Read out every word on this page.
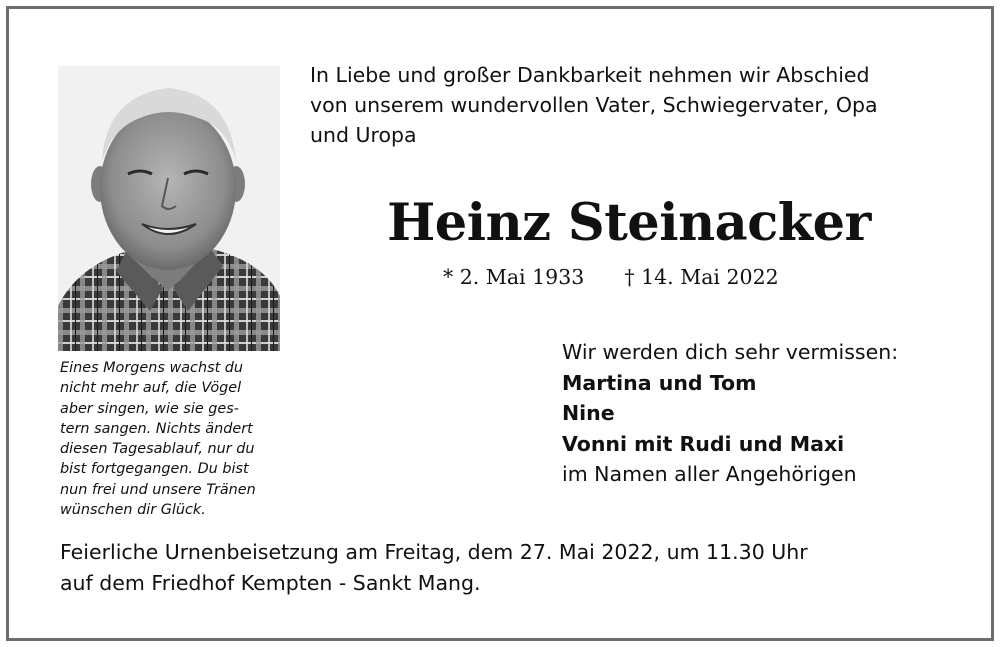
Eines Morgens wachst du
nicht mehr auf, die Vögel
aber singen, wie sie ges-
tern sangen. Nichts ändert
diesen Tagesablauf, nur du
bist fortgegangen. Du bist
nun frei und unsere Tränen
wünschen dir Glück.
In Liebe und großer Dankbarkeit nehmen wir Abschied
von unserem wundervollen Vater, Schwiegervater, Opa
und Uropa
Heinz Steinacker
* 2. Mai 1933 † 14. Mai 2022
Wir werden dich sehr vermissen:
Martina und Tom
Nine
Vonni mit Rudi und Maxi
im Namen aller Angehörigen
Feierliche Urnenbeisetzung am Freitag, dem 27. Mai 2022, um 11.30 Uhr
auf dem Friedhof Kempten - Sankt Mang.
